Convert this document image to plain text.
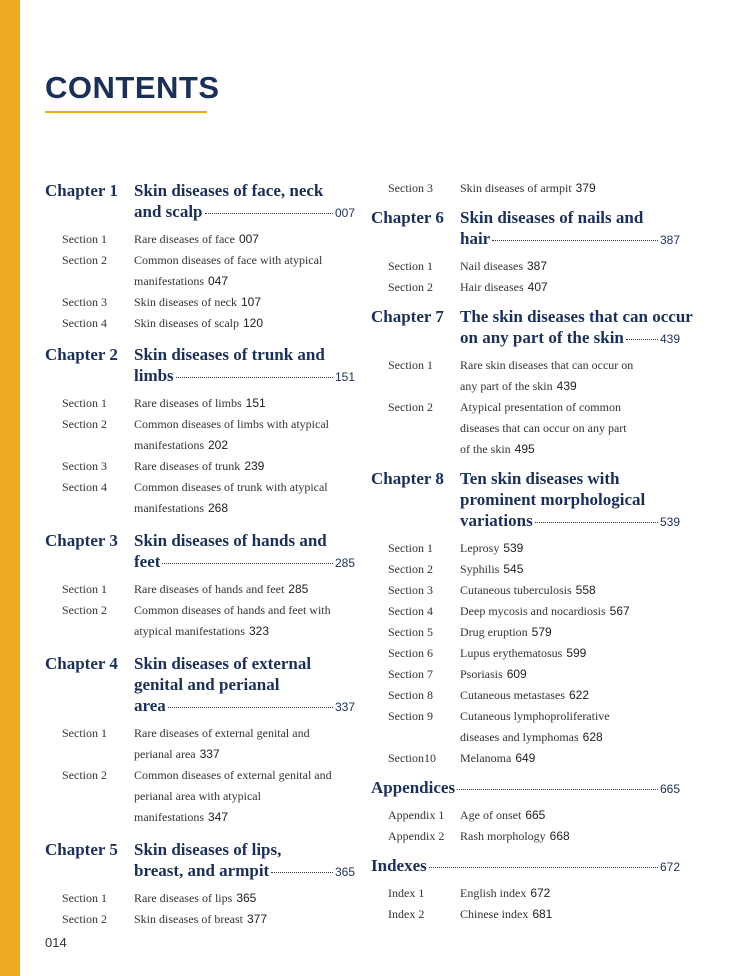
CONTENTS
Chapter 1 Skin diseases of face, neck
and scalp	007
Section 1 Rare diseases of face 007
Section 2 Common diseases of face with atypical
manifestations 047
Section 3 Skin diseases of neck 107
Section 4 Skin diseases of scalp 120
Chapter 2 Skin diseases of trunk and
limbs	151
Section 1 Rare diseases of limbs 151
Section 2 Common diseases of limbs with atypical
manifestations 202
Section 3 Rare diseases of trunk 239
Section 4 Common diseases of trunk with atypical
manifestations 268
Chapter 3 Skin diseases of hands and
feet	285
Section 1 Rare diseases of hands and feet 285
Section 2 Common diseases of hands and feet with
atypical manifestations 323
Chapter 4 Skin diseases of external
genital and perianal
area	337
Section 1 Rare diseases of external genital and
perianal area 337
Section 2 Common diseases of external genital and
perianal area with atypical
manifestations 347
Chapter 5 Skin diseases of lips,
breast, and armpit	365
Section 1 Rare diseases of lips 365
Section 2 Skin diseases of breast 377
Section 3 Skin diseases of armpit 379
Chapter 6 Skin diseases of nails and
hair	387
Section 1 Nail diseases 387
Section 2 Hair diseases 407
Chapter 7 The skin diseases that can occur
on any part of the skin	439
Section 1 Rare skin diseases that can occur on
any part of the skin 439
Section 2 Atypical presentation of common
diseases that can occur on any part
of the skin 495
Chapter 8 Ten skin diseases with
prominent morphological
variations	539
Section 1 Leprosy 539
Section 2 Syphilis 545
Section 3 Cutaneous tuberculosis 558
Section 4 Deep mycosis and nocardiosis 567
Section 5 Drug eruption 579
Section 6 Lupus erythematosus 599
Section 7 Psoriasis 609
Section 8 Cutaneous metastases 622
Section 9 Cutaneous lymphoproliferative
diseases and lymphomas 628
Section10 Melanoma 649
Appendices	665
Appendix 1 Age of onset 665
Appendix 2 Rash morphology 668
Indexes	672
Index 1	English index 672
Index 2	Chinese index 681
014
